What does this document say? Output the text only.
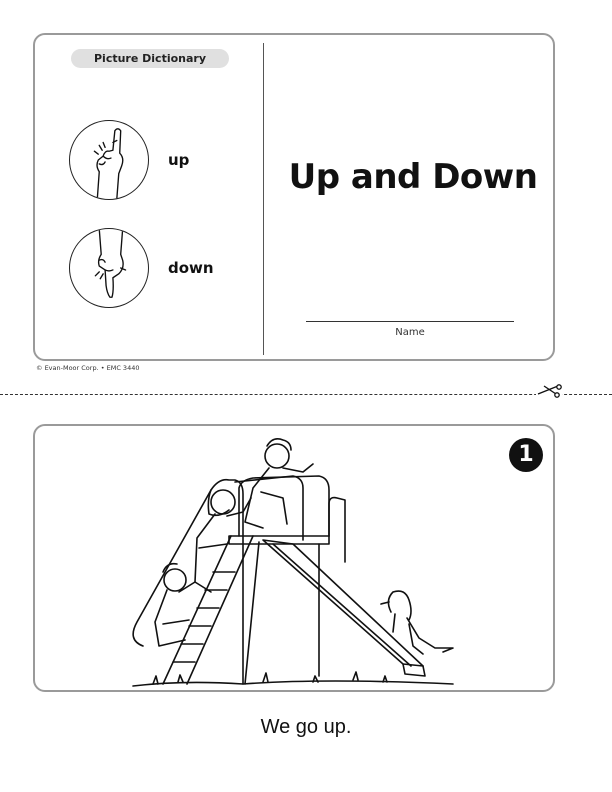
Picture Dictionary
up
down
Up and Down
Name
© Evan-Moor Corp. • EMC 3440
1
We go up.
